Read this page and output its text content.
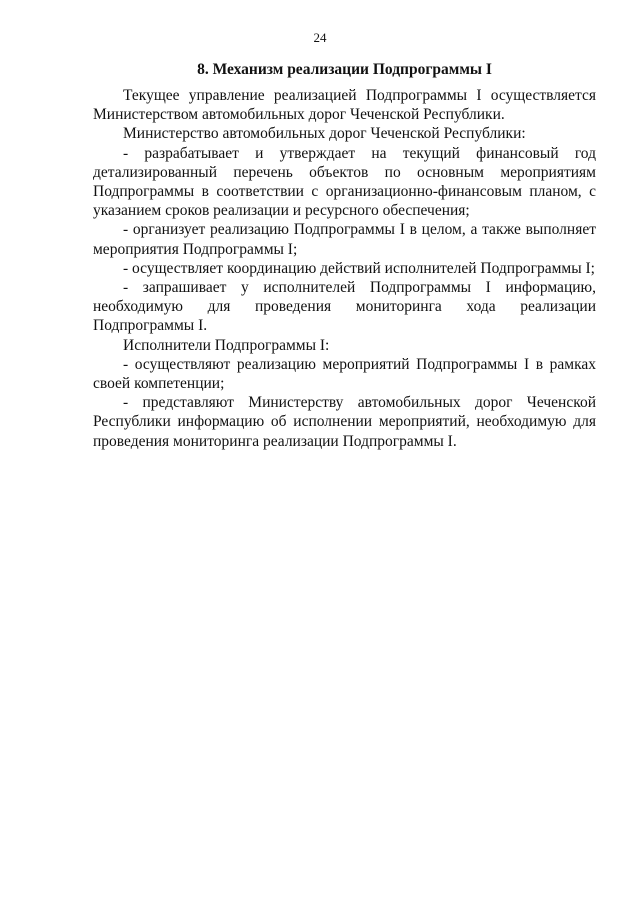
24
8. Механизм реализации Подпрограммы I

Текущее управление реализацией Подпрограммы I осуществляется Министерством автомобильных дорог Чеченской Республики.

Министерство автомобильных дорог Чеченской Республики:

- разрабатывает и утверждает на текущий финансовый год детализированный перечень объектов по основным мероприятиям Подпрограммы в соответствии с организационно-финансовым планом, с указанием сроков реализации и ресурсного обеспечения;

- организует реализацию Подпрограммы I в целом, а также выполняет мероприятия Подпрограммы I;

- осуществляет координацию действий исполнителей Подпрограммы I;

- запрашивает у исполнителей Подпрограммы I информацию, необходимую для проведения мониторинга хода реализации Подпрограммы I.

Исполнители Подпрограммы I:

- осуществляют реализацию мероприятий Подпрограммы I в рамках своей компетенции;

- представляют Министерству автомобильных дорог Чеченской Республики информацию об исполнении мероприятий, необходимую для проведения мониторинга реализации Подпрограммы I.
